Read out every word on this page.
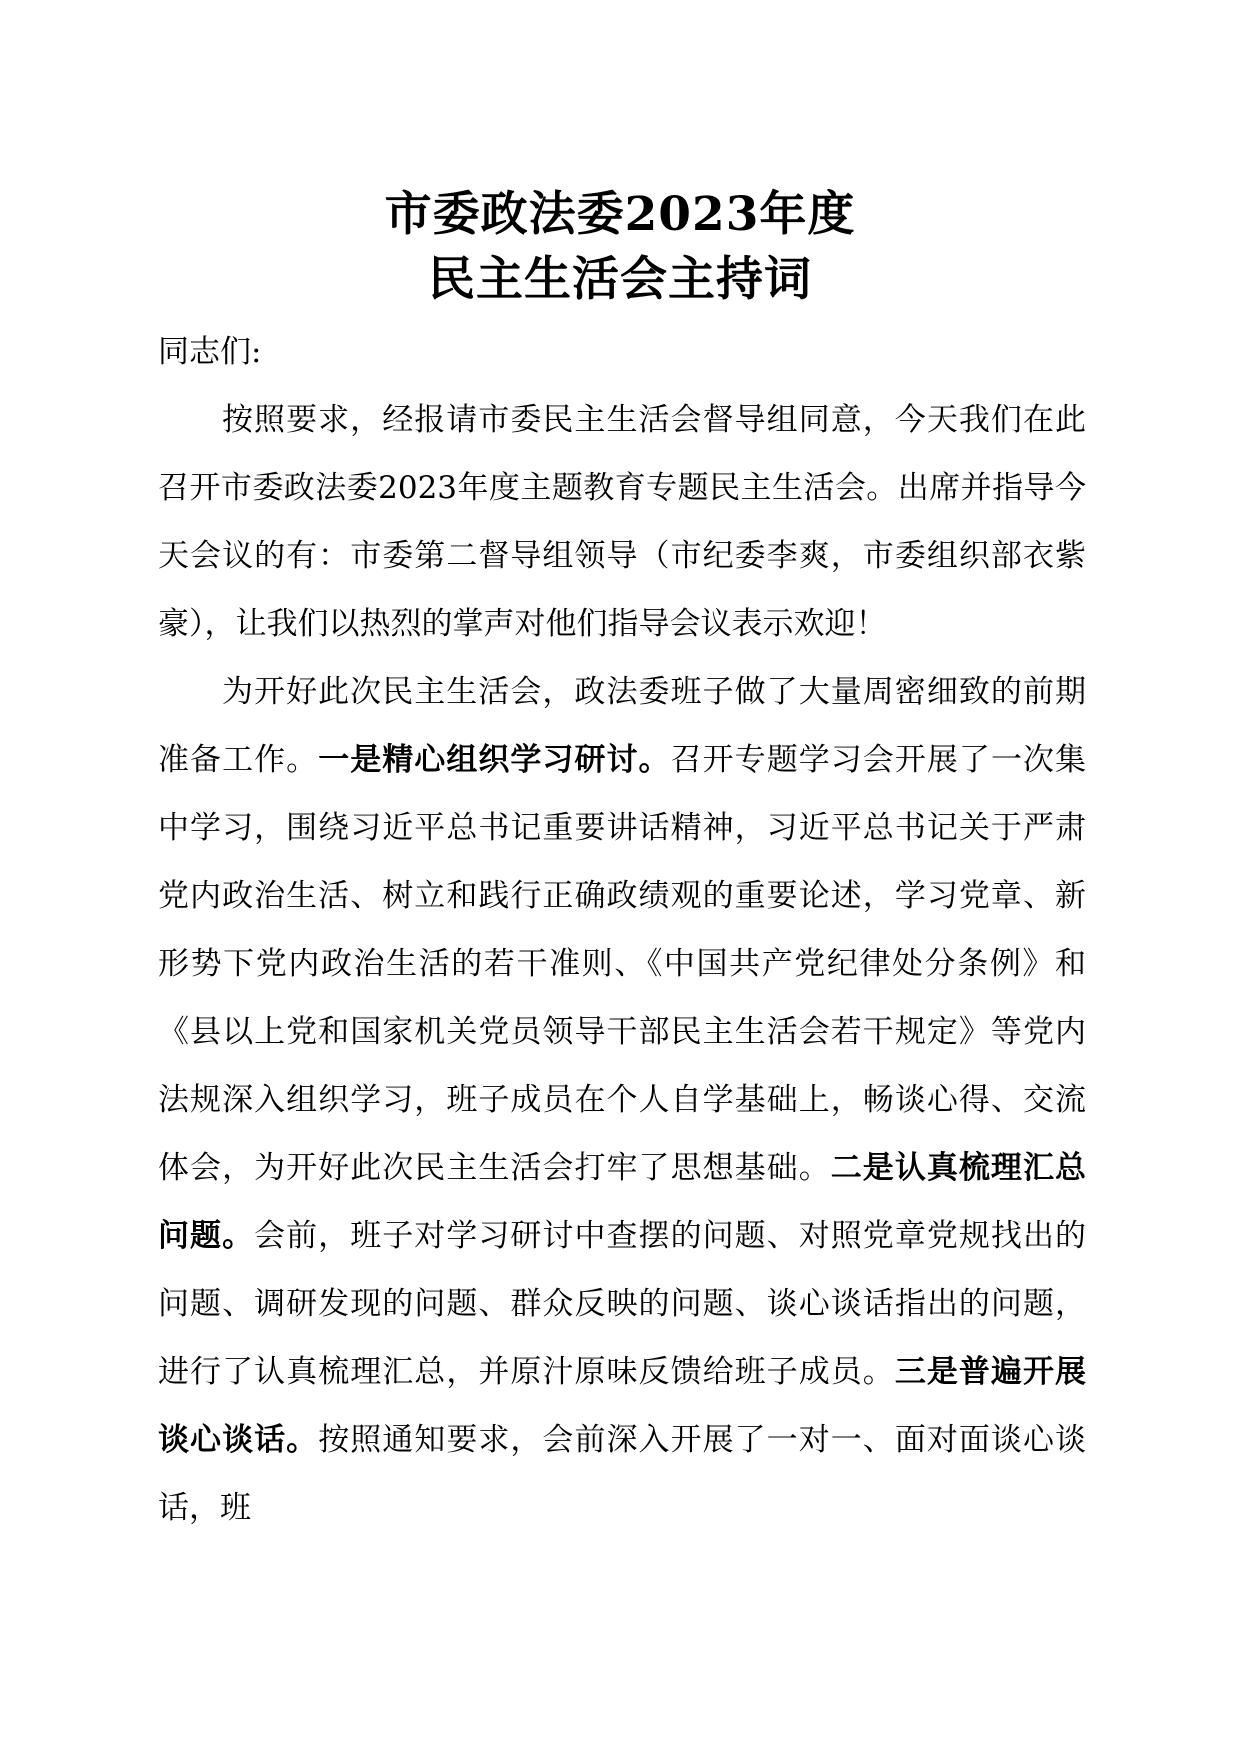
市委政法委2023年度
民主生活会主持词

同志们:

按照要求，经报请市委民主生活会督导组同意，今天我们在此召开市委政法委2023年度主题教育专题民主生活会。出席并指导今天会议的有：市委第二督导组领导（市纪委李爽，市委组织部衣紫豪），让我们以热烈的掌声对他们指导会议表示欢迎！

为开好此次民主生活会，政法委班子做了大量周密细致的前期准备工作。一是精心组织学习研讨。召开专题学习会开展了一次集中学习，围绕习近平总书记重要讲话精神，习近平总书记关于严肃党内政治生活、树立和践行正确政绩观的重要论述，学习党章、新形势下党内政治生活的若干准则、《中国共产党纪律处分条例》和《县以上党和国家机关党员领导干部民主生活会若干规定》等党内法规深入组织学习，班子成员在个人自学基础上，畅谈心得、交流体会，为开好此次民主生活会打牢了思想基础。二是认真梳理汇总问题。会前，班子对学习研讨中查摆的问题、对照党章党规找出的问题、调研发现的问题、群众反映的问题、谈心谈话指出的问题，进行了认真梳理汇总，并原汁原味反馈给班子成员。三是普遍开展谈心谈话。按照通知要求，会前深入开展了一对一、面对面谈心谈话，班
